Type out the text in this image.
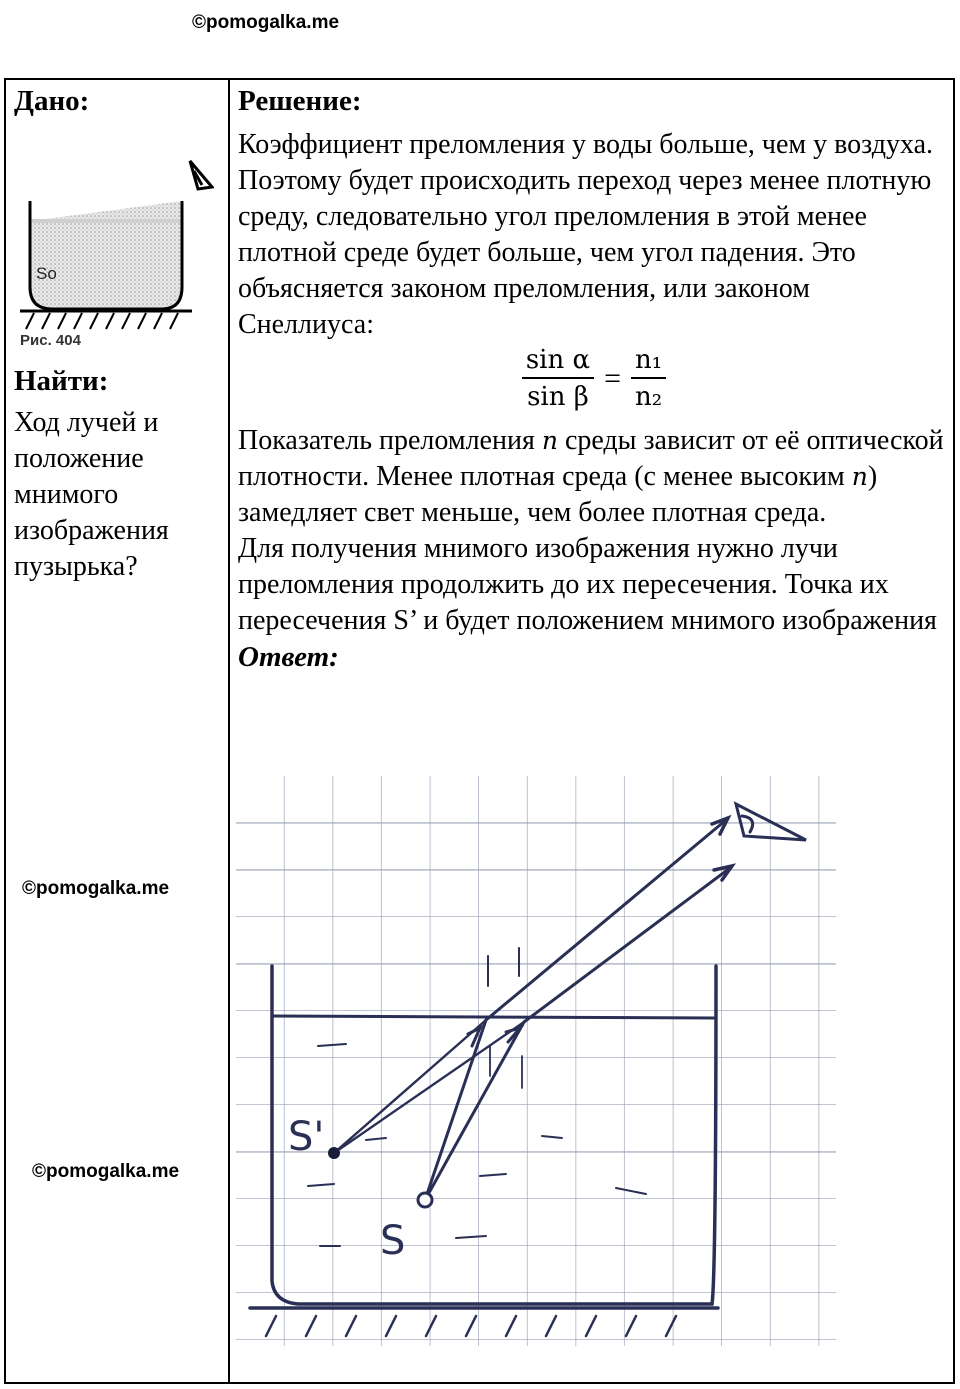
©pomogalka.me
Дано:
So
Рис. 404
Найти:
Ход лучей и положение мнимого изображения пузырька?
Решение:
Коэффициент преломления у воды больше, чем у воздуха.
Поэтому будет происходить переход через менее плотную среду, следовательно угол преломления в этой менее плотной среде будет больше, чем угол падения. Это объясняется законом преломления, или законом Снеллиуса:
$\frac{\text{sin α}}{\text{sin β}} = \frac{\text{n₁}}{\text{n₂}}$
Показатель преломления n среды зависит от её оптической плотности. Менее плотная среда (с менее высоким n) замедляет свет меньше, чем более плотная среда.
Для получения мнимого изображения нужно лучи преломления продолжить до их пересечения. Точка их пересечения S’ и будет положением мнимого изображения
Ответ:
S'
S
©pomogalka.me
©pomogalka.me
